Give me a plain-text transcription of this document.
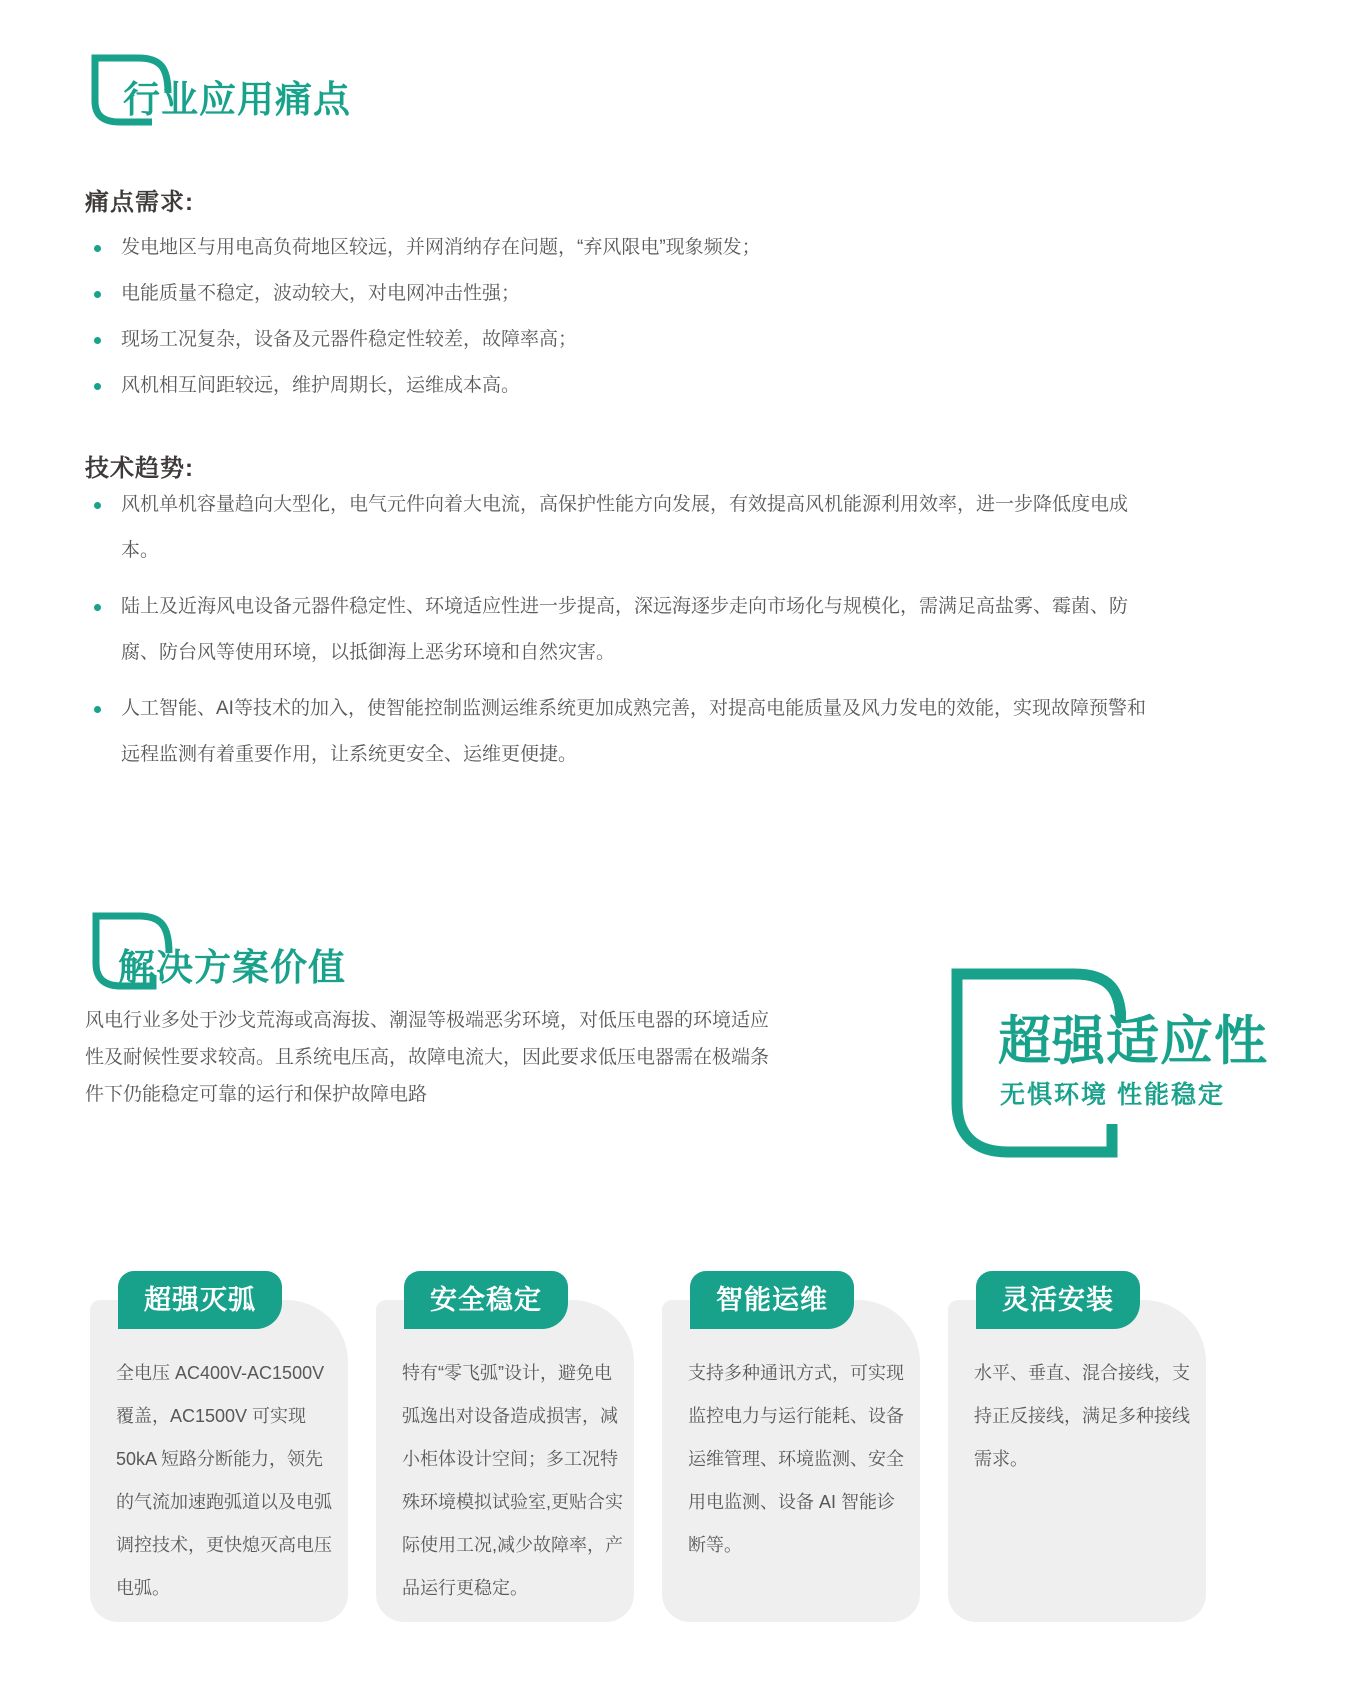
行业应用痛点
痛点需求:
发电地区与用电高负荷地区较远，并网消纳存在问题，“弃风限电”现象频发；
电能质量不稳定，波动较大，对电网冲击性强；
现场工况复杂，设备及元器件稳定性较差，故障率高；
风机相互间距较远，维护周期长，运维成本高。
技术趋势:
风机单机容量趋向大型化，电气元件向着大电流，高保护性能方向发展，有效提高风机能源利用效率，进一步降低度电成本。
陆上及近海风电设备元器件稳定性、环境适应性进一步提高，深远海逐步走向市场化与规模化，需满足高盐雾、霉菌、防腐、防台风等使用环境，以抵御海上恶劣环境和自然灾害。
人工智能、AI等技术的加入，使智能控制监测运维系统更加成熟完善，对提高电能质量及风力发电的效能，实现故障预警和远程监测有着重要作用，让系统更安全、运维更便捷。
解决方案价值

风电行业多处于沙戈荒海或高海拔、潮湿等极端恶劣环境，对低压电器的环境适应性及耐候性要求较高。且系统电压高，故障电流大，因此要求低压电器需在极端条件下仍能稳定可靠的运行和保护故障电路

超强适应性

无惧环境 性能稳定

超强灭弧

全电压 AC400V-AC1500V 覆盖，AC1500V 可实现 50kA 短路分断能力，领先的气流加速跑弧道以及电弧调控技术，更快熄灭高电压电弧。

安全稳定

特有“零飞弧”设计，避免电弧逸出对设备造成损害，减小柜体设计空间；多工况特殊环境模拟试验室,更贴合实际使用工况,减少故障率，产品运行更稳定。

智能运维

支持多种通讯方式，可实现监控电力与运行能耗、设备运维管理、环境监测、安全用电监测、设备 AI 智能诊断等。

灵活安装

水平、垂直、混合接线，支持正反接线，满足多种接线需求。
